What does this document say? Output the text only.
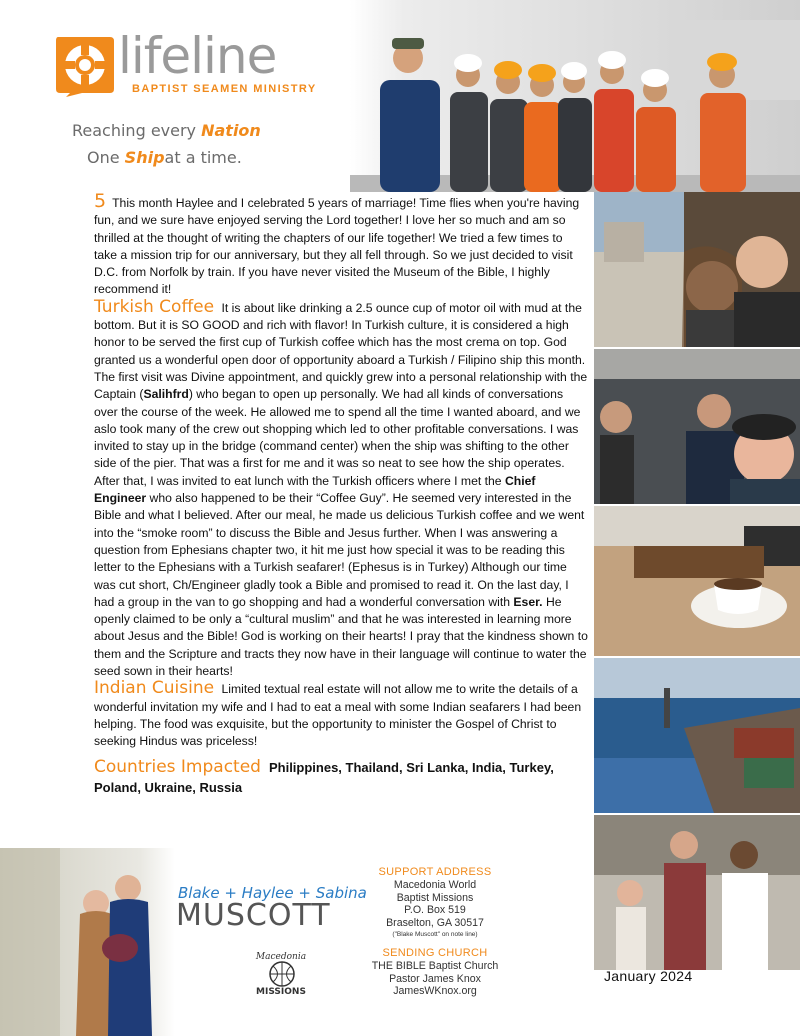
lifeline
BAPTIST SEAMEN MINISTRY
Reaching every Nation
One Shipat a time.

5 This month Haylee and I celebrated 5 years of marriage! Time flies when you're having fun, and we sure have enjoyed serving the Lord together! I love her so much and am so thrilled at the thought of writing the chapters of our life together! We tried a few times to take a mission trip for our anniversary, but they all fell through. So we just decided to visit D.C. from Norfolk by train. If you have never visited the Museum of the Bible, I highly recommend it!

Turkish Coffee It is about like drinking a 2.5 ounce cup of motor oil with mud at the bottom. But it is SO GOOD and rich with flavor! In Turkish culture, it is considered a high honor to be served the first cup of Turkish coffee which has the most crema on top. God granted us a wonderful open door of opportunity aboard a Turkish / Filipino ship this month. The first visit was Divine appointment, and quickly grew into a personal relationship with the Captain (Salihfrd) who began to open up personally. We had all kinds of conversations over the course of the week. He allowed me to spend all the time I wanted aboard, and we aslo took many of the crew out shopping which led to other profitable conversations. I was invited to stay up in the bridge (command center) when the ship was shifting to the other side of the pier. That was a first for me and it was so neat to see how the ship operates. After that, I was invited to eat lunch with the Turkish officers where I met the Chief Engineer who also happened to be their “Coffee Guy”. He seemed very interested in the Bible and what I believed. After our meal, he made us delicious Turkish coffee and we went into the “smoke room” to discuss the Bible and Jesus further. When I was answering a question from Ephesians chapter two, it hit me just how special it was to be reading this letter to the Ephesians with a Turkish seafarer! (Ephesus is in Turkey) Although our time was cut short, Ch/Engineer gladly took a Bible and promised to read it. On the last day, I had a group in the van to go shopping and had a wonderful conversation with Eser. He openly claimed to be only a “cultural muslim” and that he was interested in learning more about Jesus and the Bible! God is working on their hearts! I pray that the kindness shown to them and the Scripture and tracts they now have in their language will continue to water the seed sown in their hearts!

Indian Cuisine Limited textual real estate will not allow me to write the details of a wonderful invitation my wife and I had to eat a meal with some Indian seafarers I had been helping. The food was exquisite, but the opportunity to minister the Gospel of Christ to seeking Hindus was priceless!

Countries Impacted Philippines, Thailand, Sri Lanka, India, Turkey, Poland, Ukraine, Russia

Blake + Haylee + Sabina
MUSCOTT
Macedonia
MISSIONS
SUPPORT ADDRESS
Macedonia World
Baptist Missions
P.O. Box 519
Braselton, GA 30517
("Blake Muscott" on note line)
SENDING CHURCH
THE BIBLE Baptist Church
Pastor James Knox
JamesWKnox.org
January 2024
